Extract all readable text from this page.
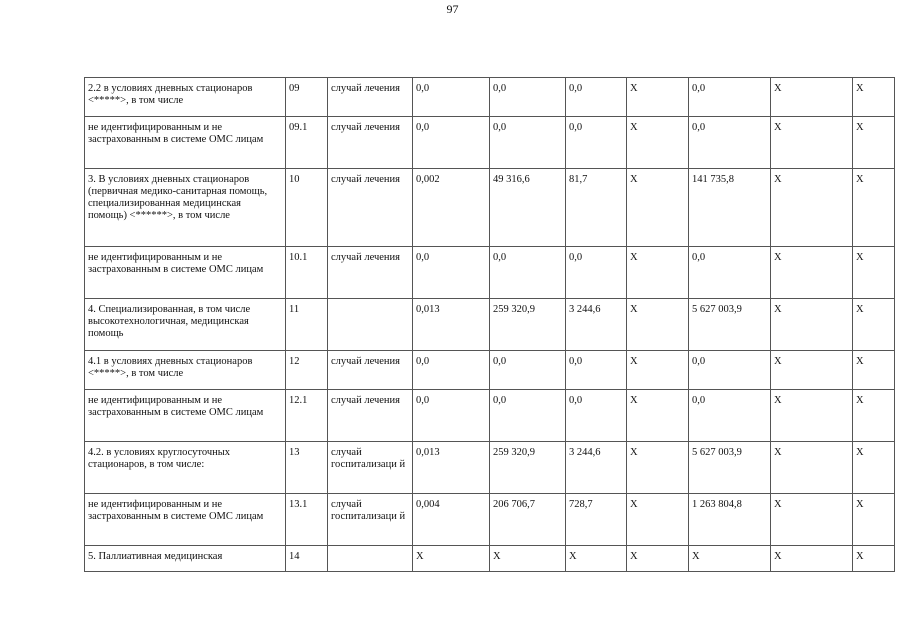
97
2.2 в условиях дневных стационаров <*****>, в том числе	09	случай лечения	0,0	0,0	0,0	Х	0,0	Х	Х
не идентифицированным и не застрахованным в системе ОМС лицам	09.1	случай лечения	0,0	0,0	0,0	Х	0,0	Х	Х
3. В условиях дневных стационаров (первичная медико-санитарная помощь, специализированная медицинская помощь) <******>, в том числе	10	случай лечения	0,002	49 316,6	81,7	Х	141 735,8	Х	Х
не идентифицированным и не застрахованным в системе ОМС лицам	10.1	случай лечения	0,0	0,0	0,0	Х	0,0	Х	Х
4. Специализированная, в том числе высокотехнологичная, медицинская помощь	11		0,013	259 320,9	3 244,6	Х	5 627 003,9	Х	Х
4.1 в условиях дневных стационаров <*****>, в том числе	12	случай лечения	0,0	0,0	0,0	Х	0,0	Х	Х
не идентифицированным и не застрахованным в системе ОМС лицам	12.1	случай лечения	0,0	0,0	0,0	Х	0,0	Х	Х
4.2. в условиях круглосуточных стационаров, в том числе:	13	случай госпитализаци й	0,013	259 320,9	3 244,6	Х	5 627 003,9	Х	Х
не идентифицированным и не застрахованным в системе ОМС лицам	13.1	случай госпитализаци й	0,004	206 706,7	728,7	Х	1 263 804,8	Х	Х
5. Паллиативная медицинская	14		Х	Х	Х	Х	Х	Х	Х
